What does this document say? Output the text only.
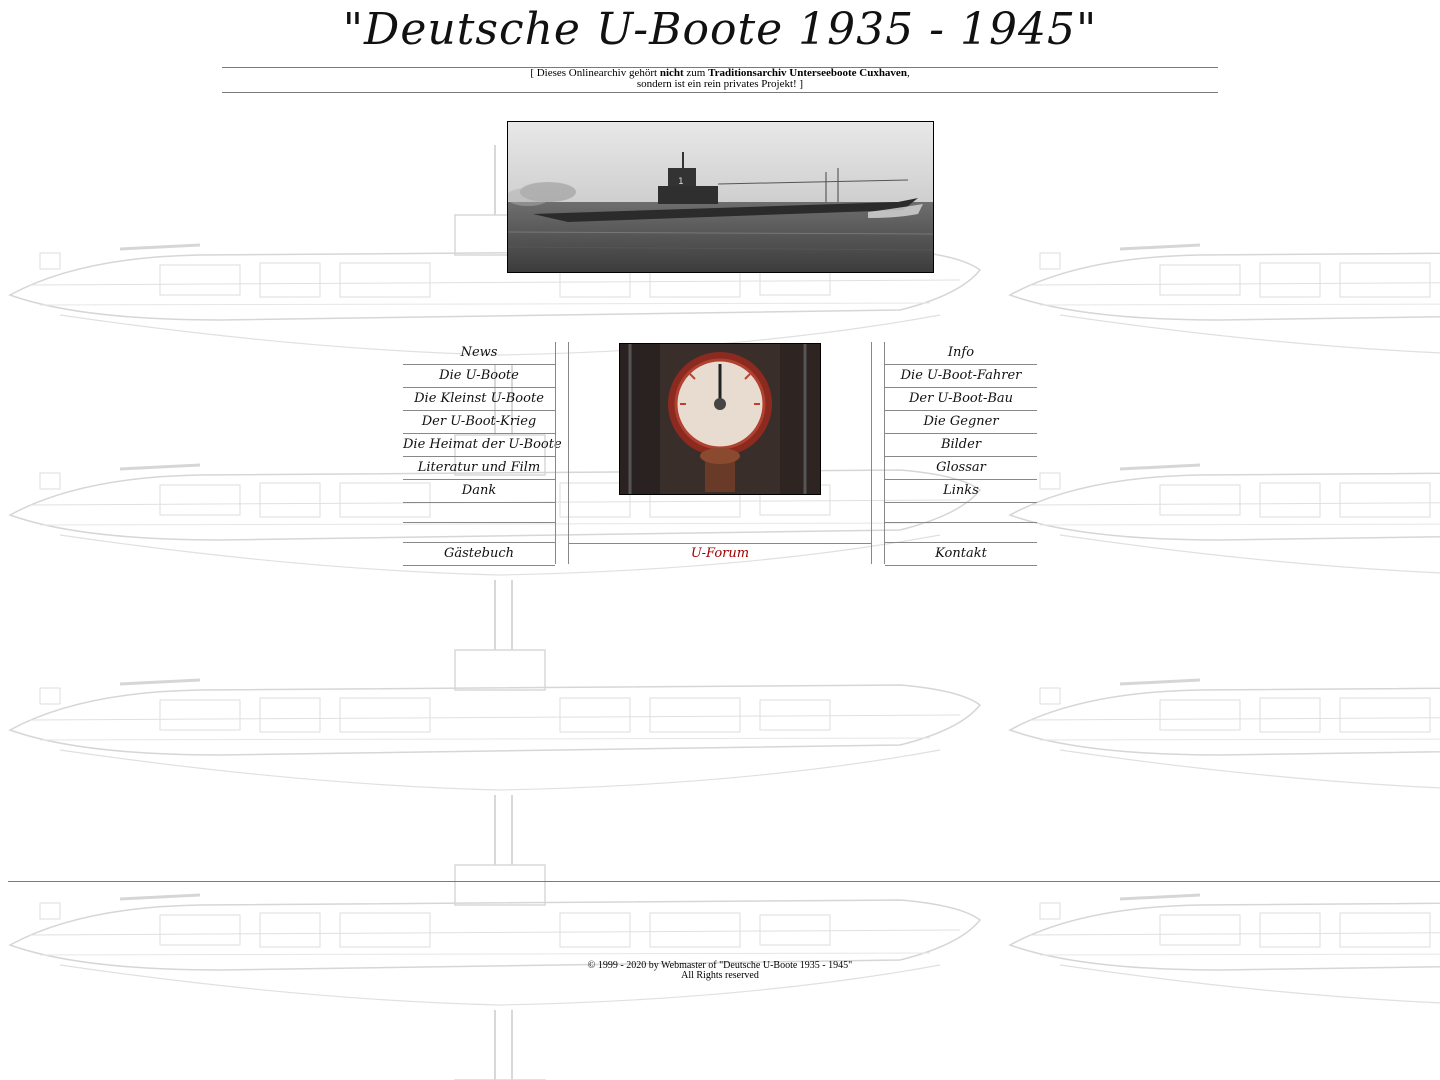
"Deutsche U-Boote 1935 - 1945"
[ Dieses Onlinearchiv gehört nicht zum Traditionsarchiv Unterseeboote Cuxhaven,
sondern ist ein rein privates Projekt! ]
1
News
Die U-Boote
Die Kleinst U-Boote
Der U-Boot-Krieg
Die Heimat der U-Boote
Literatur und Film
Dank
Gästebuch	U-Forum
Info
Die U-Boot-Fahrer
Der U-Boot-Bau
Die Gegner
Bilder
Glossar
Links
Kontakt
© 1999 - 2020 by Webmaster of "Deutsche U-Boote 1935 - 1945"
All Rights reserved
